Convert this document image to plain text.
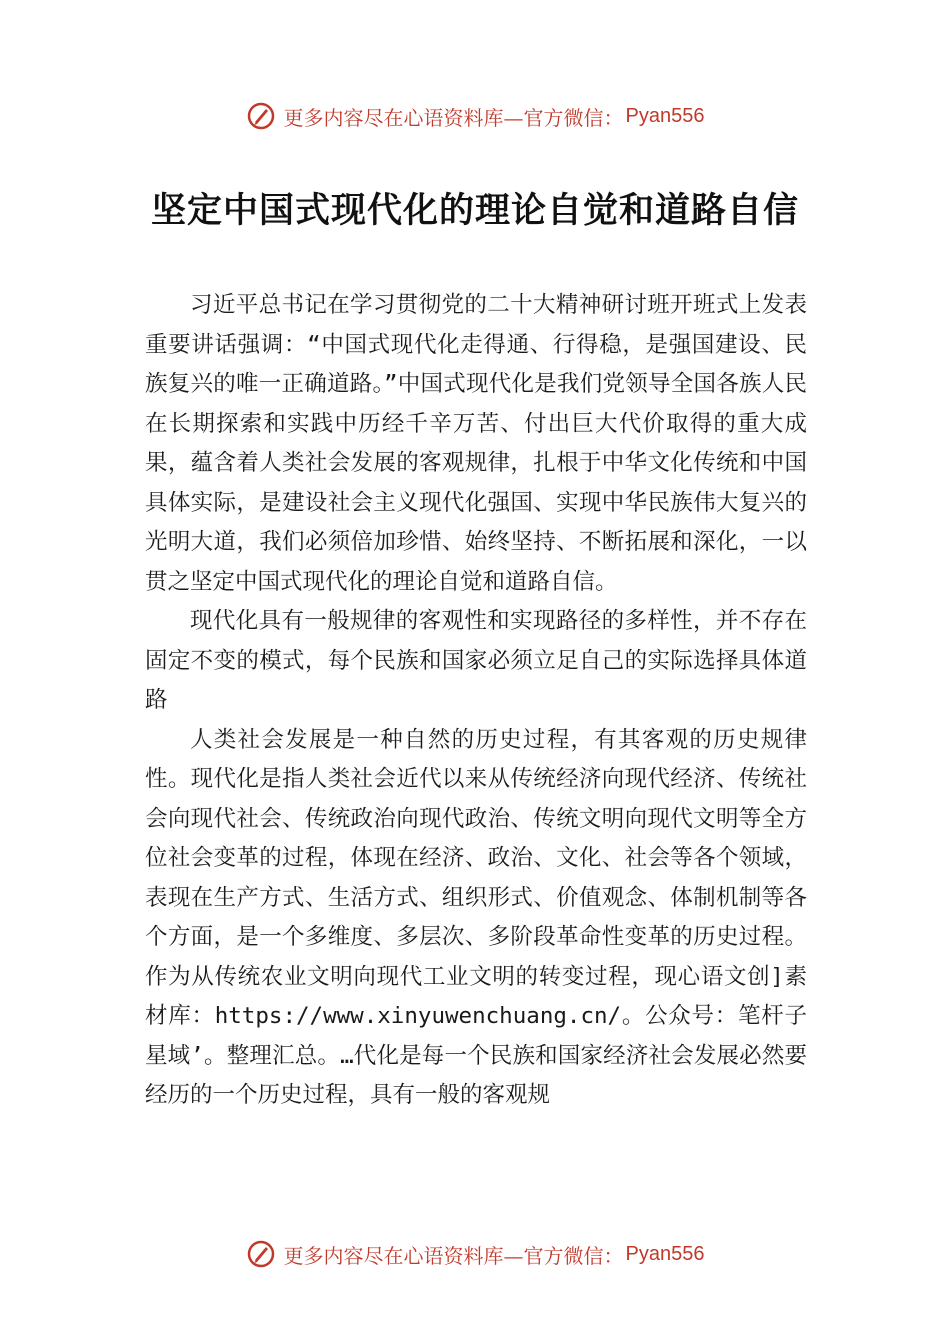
更多内容尽在心语资料库—官方微信： Pyan556
坚定中国式现代化的理论自觉和道路自信

习近平总书记在学习贯彻党的二十大精神研讨班开班式上发表重要讲话强调：“中国式现代化走得通、行得稳，是强国建设、民族复兴的唯一正确道路。”中国式现代化是我们党领导全国各族人民在长期探索和实践中历经千辛万苦、付出巨大代价取得的重大成果，蕴含着人类社会发展的客观规律，扎根于中华文化传统和中国具体实际，是建设社会主义现代化强国、实现中华民族伟大复兴的光明大道，我们必须倍加珍惜、始终坚持、不断拓展和深化，一以贯之坚定中国式现代化的理论自觉和道路自信。

现代化具有一般规律的客观性和实现路径的多样性，并不存在固定不变的模式，每个民族和国家必须立足自己的实际选择具体道路

人类社会发展是一种自然的历史过程，有其客观的历史规律性。现代化是指人类社会近代以来从传统经济向现代经济、传统社会向现代社会、传统政治向现代政治、传统文明向现代文明等全方位社会变革的过程，体现在经济、政治、文化、社会等各个领域，表现在生产方式、生活方式、组织形式、价值观念、体制机制等各个方面，是一个多维度、多层次、多阶段革命性变革的历史过程。作为从传统农业文明向现代工业文明的转变过程，现心语文创]素材库：https://www.xinyuwenchuang.cn/。公众号：笔杆子星域’。整理汇总。…代化是每一个民族和国家经济社会发展必然要经历的一个历史过程，具有一般的客观规

更多内容尽在心语资料库—官方微信： Pyan556
